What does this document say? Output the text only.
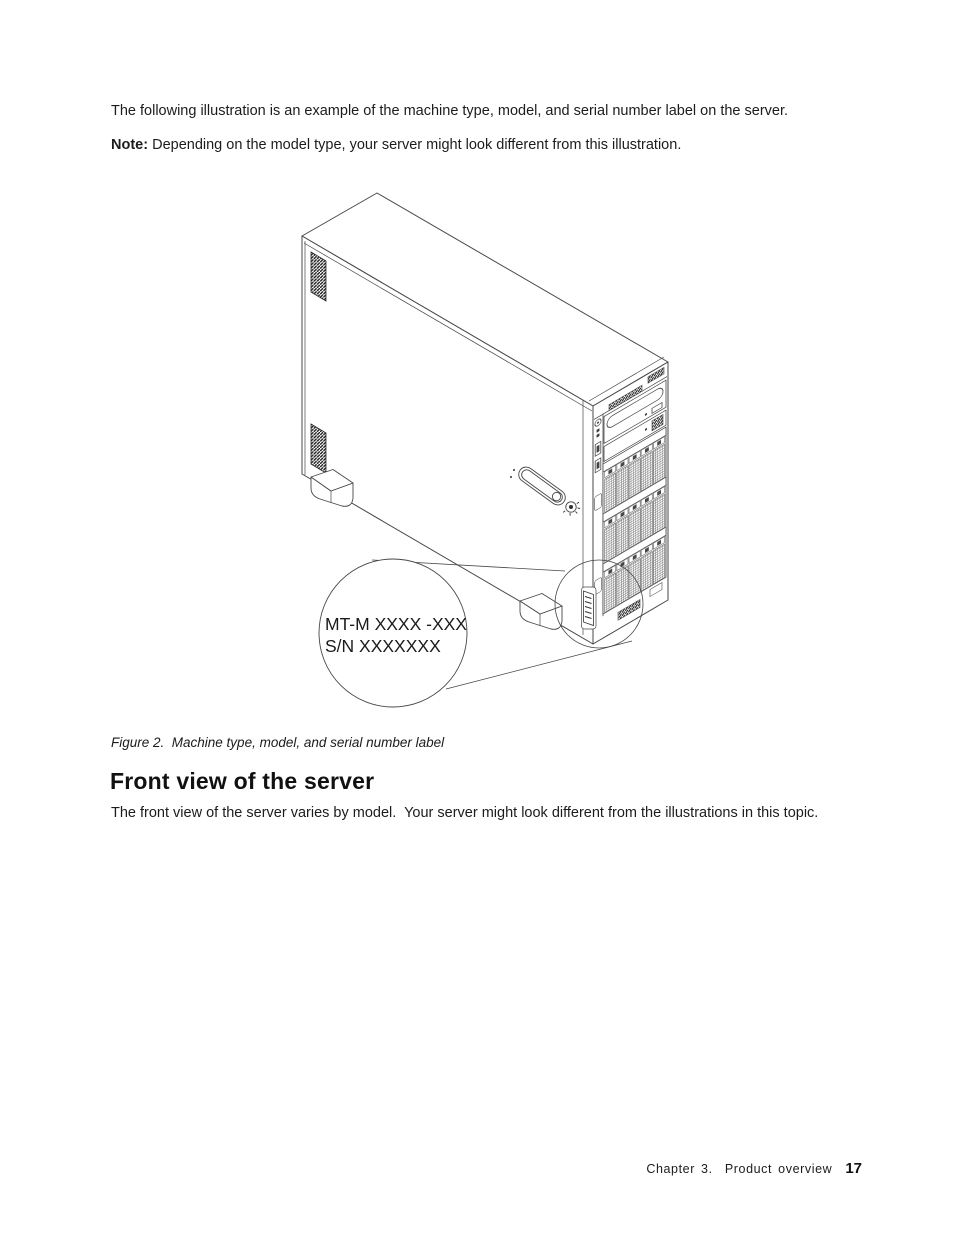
The following illustration is an example of the machine type, model, and serial number label on the server.

Note: Depending on the model type, your server might look different from this illustration.

MT-M XXXX -XXX S/N XXXXXXX

Figure 2.  Machine type, model, and serial number label

Front view of the server

The front view of the server varies by model.  Your server might look different from the illustrations in this topic.

Chapter 3.  Product overview 17
